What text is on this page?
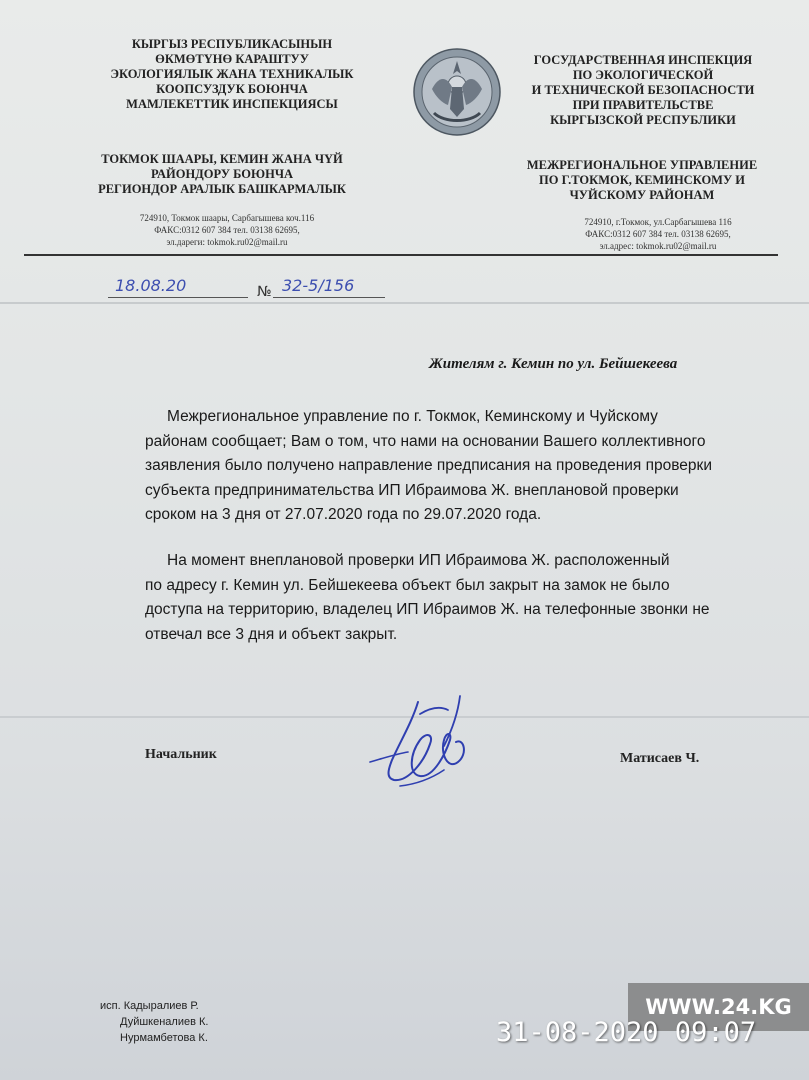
КЫРГЫЗ РЕСПУБЛИКАСЫНЫН
ӨКМӨТҮНӨ КАРАШТУУ
ЭКОЛОГИЯЛЫК ЖАНА ТЕХНИКАЛЫК
КООПСУЗДУК БОЮНЧА
МАМЛЕКЕТТИК ИНСПЕКЦИЯСЫ
ТОКМОК ШААРЫ, КЕМИН ЖАНА ЧҮЙ
РАЙОНДОРУ БОЮНЧА
РЕГИОНДОР АРАЛЫК БАШКАРМАЛЫК
724910, Токмок шаары, Сарбагышева коч.116
ФАКС:0312 607 384 тел. 03138 62695,
эл.дареги: tokmok.ru02@mail.ru
ГОСУДАРСТВЕННАЯ ИНСПЕКЦИЯ
ПО ЭКОЛОГИЧЕСКОЙ
И ТЕХНИЧЕСКОЙ БЕЗОПАСНОСТИ
ПРИ ПРАВИТЕЛЬСТВЕ
КЫРГЫЗСКОЙ РЕСПУБЛИКИ
МЕЖРЕГИОНАЛЬНОЕ УПРАВЛЕНИЕ
ПО Г.ТОКМОК, КЕМИНСКОМУ И
ЧУЙСКОМУ РАЙОНАМ
724910, г.Токмок, ул.Сарбагышева 116
ФАКС:0312 607 384 тел. 03138 62695,
эл.адрес: tokmok.ru02@mail.ru
18.08.20	№ 32-5/156
Жителям г. Кемин по ул. Бейшекеева
Межрегиональное управление по г. Токмок, Кеминскому и Чуйскому
районам сообщает; Вам о том, что нами на основании Вашего коллективного
заявления было получено направление предписания на проведения проверки
субъекта предпринимательства ИП Ибраимова Ж. внеплановой проверки
сроком на 3 дня от 27.07.2020 года по 29.07.2020 года.
На момент внеплановой проверки ИП Ибраимова Ж. расположенный
по адресу г. Кемин ул. Бейшекеева объект был закрыт на замок не было
доступа на территорию, владелец ИП Ибраимов Ж. на телефонные звонки не
отвечал все 3 дня и объект закрыт.
Начальник	Матисаев Ч.
исп. Кадыралиев Р.
Дуйшкеналиев К.
Нурмамбетова К.
WWW.24.KG
31-08-2020 09:07
